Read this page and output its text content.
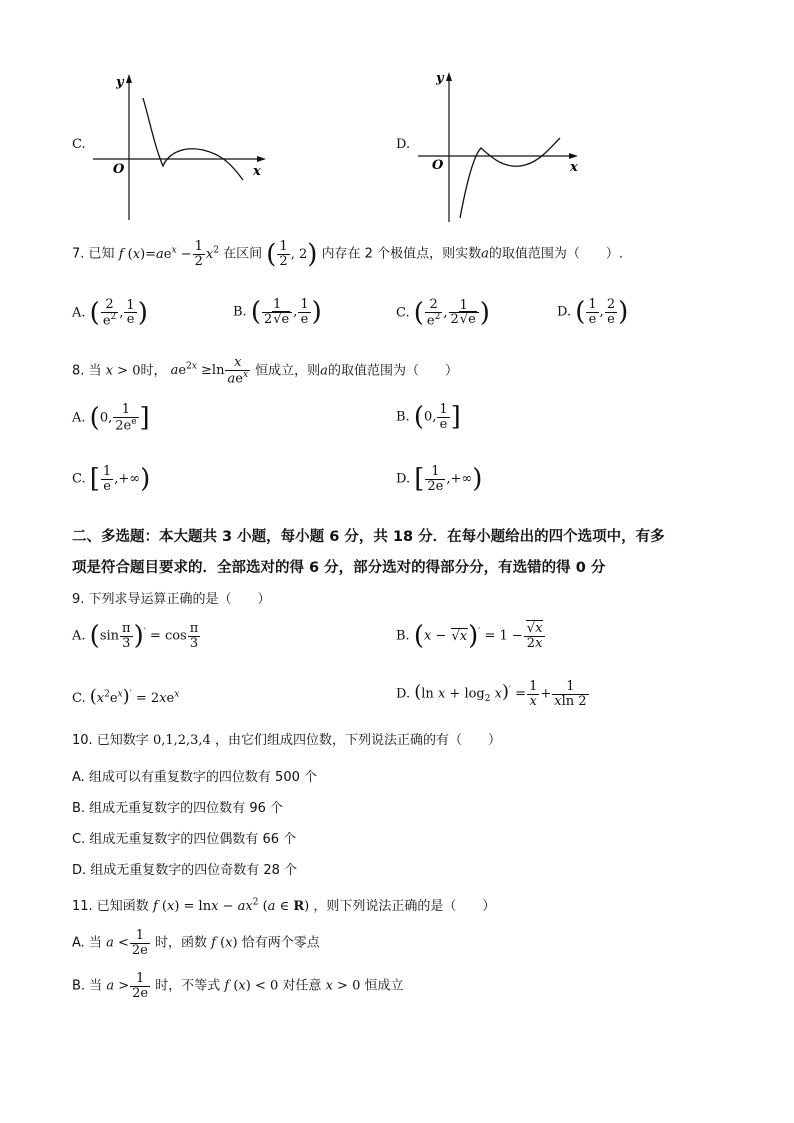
C.
y
O	x
D.
y
O	x
7. 已知 f $(x)=ae^x - \frac{1}{2} x^2$ 在区间 ( $\frac{1}{2}$ , 2) 内存在 2 个极值点，则实数a的取值范围为（　　）.
A. ( $\frac{2}{e^2}$ , $\frac{1}{e}$ )	B. ( $\frac{1}{2√e}$ , $\frac{1}{e}$ )	C. ( $\frac{2}{e^2}$ , $\frac{1}{2√e}$ )	D. ( $\frac{1}{e}$ , $\frac{2}{e}$ )
8. 当 x > 0时， $ae^{2x} \ge\ln \frac{x}{ae^x}$ 恒成立，则a的取值范围为（　　）
A. (0, $\frac{1}{2e^e}$ ]	B. (0, $\frac{1}{e}$ ]
C. [ $\frac{1}{e}$ ,+∞)	D. [ $\frac{1}{2e}$ ,+∞)
二、多选题：本大题共 3 小题，每小题 6 分，共 18 分．在每小题给出的四个选项中，有多
项是符合题目要求的．全部选对的得 6 分，部分选对的得部分分，有选错的得 0 分
9. 下列求导运算正确的是（　　）
A. $(\sin \frac{\pi}{3} )' = \cos \frac{\pi}{3}$	B. $(x - √x)' = 1 - \frac{√x}{2x}$
C. $(x^2e^x)' = 2xe^x$	D. (ln $x + \log_2 x)' = \frac{1}{x} + \frac{1}{xln 2}$
10. 已知数字 0,1,2,3,4 ，由它们组成四位数，下列说法正确的有（　　）
A. 组成可以有重复数字的四位数有 500 个
B. 组成无重复数字的四位数有 96 个
C. 组成无重复数字的四位偶数有 66 个
D. 组成无重复数字的四位奇数有 28 个
11. 已知函数 f $(x) = \ln x - ax^2$ (a ∈ R) ，则下列说法正确的是（　　）
A. 当 $a < \frac{1}{2e}$ 时，函数 f (x) 恰有两个零点
B. 当 $a > \frac{1}{2e}$ 时，不等式 f (x) < 0 对任意 x > 0 恒成立
